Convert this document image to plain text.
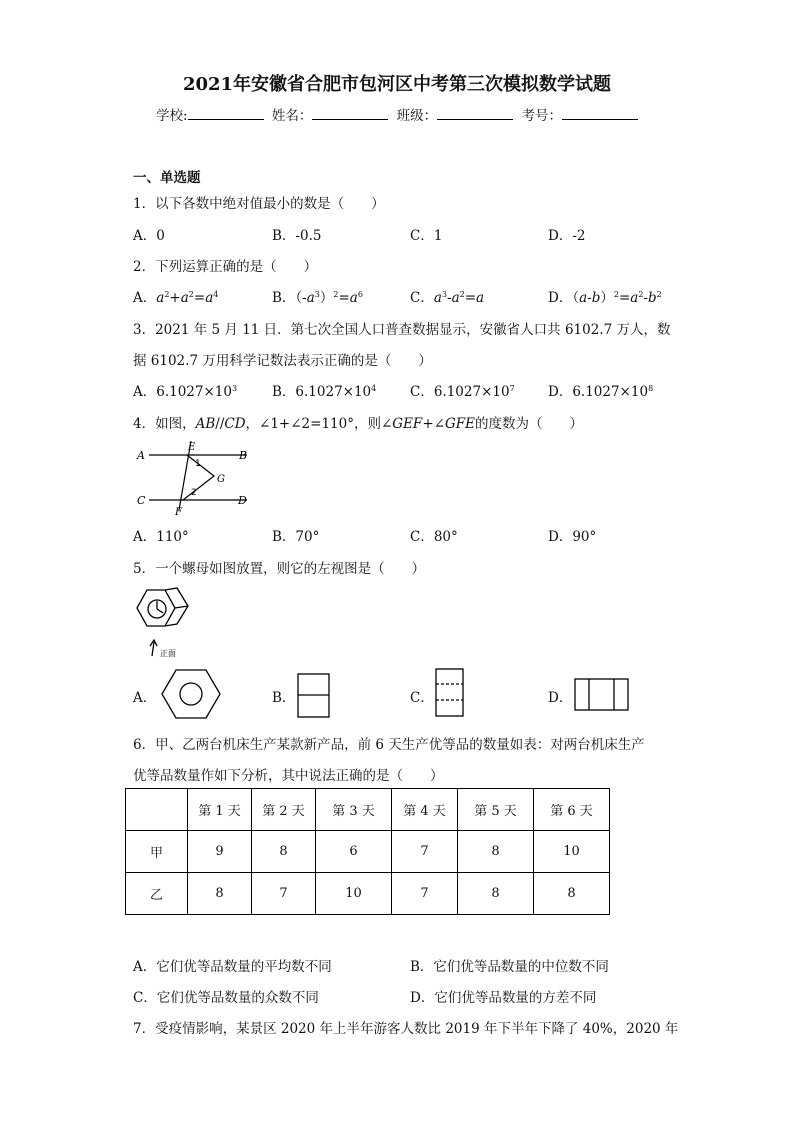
2021年安徽省合肥市包河区中考第三次模拟数学试题
学校:	姓名：	班级：	考号：
一、单选题
1．以下各数中绝对值最小的数是（　　）
A．0	B．-0.5	C．1	D．-2
2．下列运算正确的是（　　）
A．$a^2+a^2=a^4$	B．$(-a^3)^2=a^6$	C．$a^3-a^2=a$	D．$(a-b)^2=a^2-b^2$
3．2021 年 5 月 11 日．第七次全国人口普查数据显示，安徽省人口共 6102.7 万人，数
据 6102.7 万用科学记数法表示正确的是（　　）
A．$6.1027\times 10^3$	B．$6.1027\times 10^4$	C．$6.1027\times 10^7$ D．$6.1027\times 10^8$
4．如图，AB//CD，∠1+∠2=110°，则∠GEF+∠GFE的度数为（　　）
A	B
C	D
E
F
G
1
2
A．110°	B．70°	C．80°	D．90°
5．一个螺母如图放置，则它的左视图是（　　）
正面
A．	B．	C．	D．
6．甲、乙两台机床生产某款新产品，前 6 天生产优等品的数量如表：对两台机床生产
优等品数量作如下分析，其中说法正确的是（　　）
	第 1 天	第 2 天	第 3 天	第 4 天	第 5 天	第 6 天
甲	9	8	6	7	8	10
乙	8	7	10	7	8	8
A．它们优等品数量的平均数不同	B．它们优等品数量的中位数不同
C．它们优等品数量的众数不同	D．它们优等品数量的方差不同
7．受疫情影响，某景区 2020 年上半年游客人数比 2019 年下半年下降了 40%，2020 年
